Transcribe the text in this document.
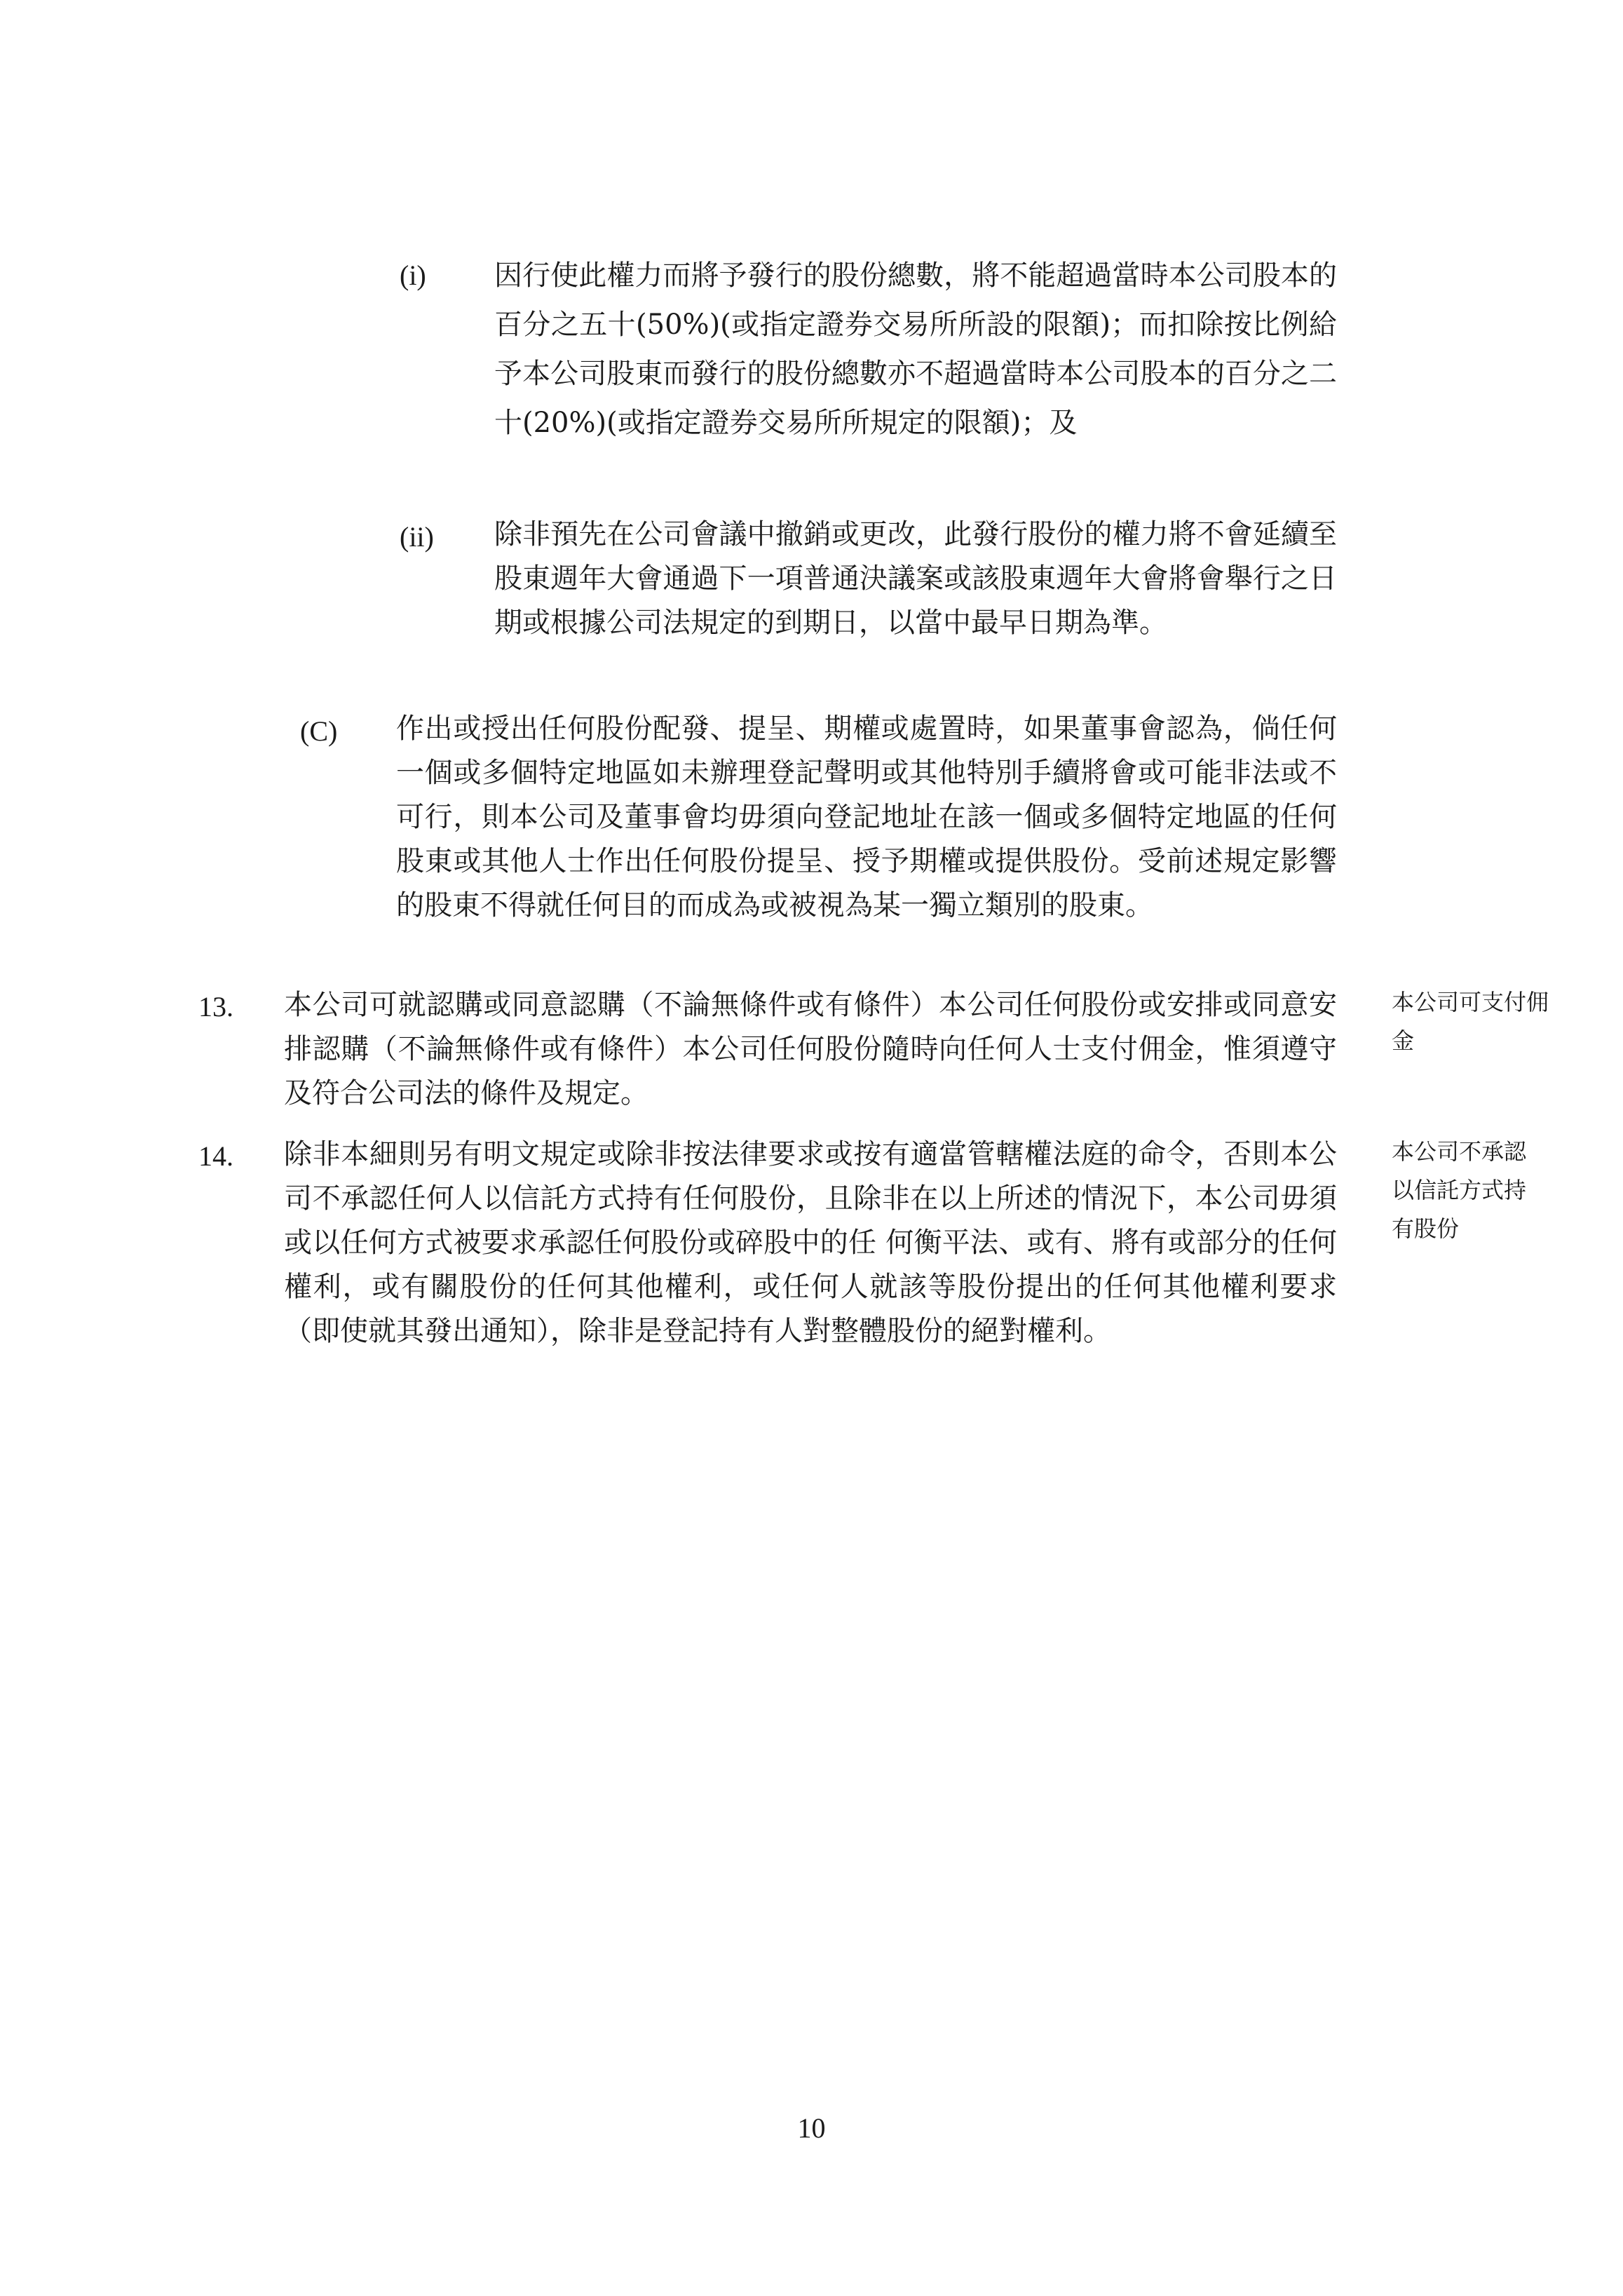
(i) 因行使此權力而將予發行的股份總數，將不能超過當時本公司股本的百分之五十(50%)(或指定證券交易所所設的限額)；而扣除按比例給予本公司股東而發行的股份總數亦不超過當時本公司股本的百分之二十(20%)(或指定證券交易所所規定的限額)；及
(ii) 除非預先在公司會議中撤銷或更改，此發行股份的權力將不會延續至股東週年大會通過下一項普通決議案或該股東週年大會將會舉行之日期或根據公司法規定的到期日，以當中最早日期為準。
(C) 作出或授出任何股份配發、提呈、期權或處置時，如果董事會認為，倘任何一個或多個特定地區如未辦理登記聲明或其他特別手續將會或可能非法或不可行，則本公司及董事會均毋須向登記地址在該一個或多個特定地區的任何股東或其他人士作出任何股份提呈、授予期權或提供股份。受前述規定影響的股東不得就任何目的而成為或被視為某一獨立類別的股東。
13. 本公司可就認購或同意認購（不論無條件或有條件）本公司任何股份或安排或同意安排認購（不論無條件或有條件）本公司任何股份隨時向任何人士支付佣金，惟須遵守及符合公司法的條件及規定。
本公司可支付佣金
14. 除非本細則另有明文規定或除非按法律要求或按有適當管轄權法庭的命令，否則本公司不承認任何人以信託方式持有任何股份，且除非在以上所述的情況下，本公司毋須或以任何方式被要求承認任何股份或碎股中的任 何衡平法、或有、將有或部分的任何權利，或有關股份的任何其他權利，或任何人就該等股份提出的任何其他權利要求（即使就其發出通知），除非是登記持有人對整體股份的絕對權利。
本公司不承認以信託方式持有股份
10
